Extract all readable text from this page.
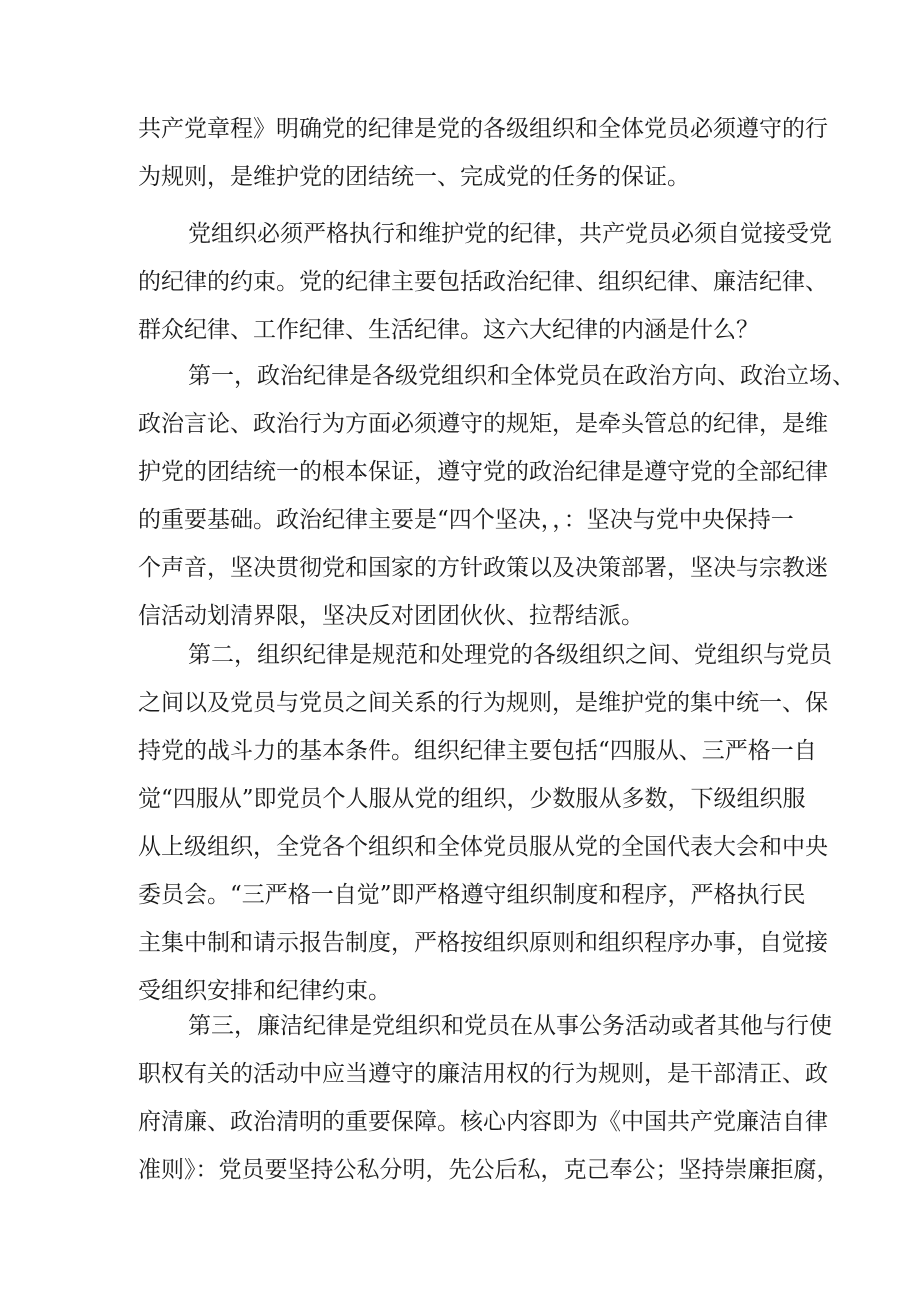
共产党章程》明确党的纪律是党的各级组织和全体党员必须遵守的行
为规则，是维护党的团结统一、完成党的任务的保证。
党组织必须严格执行和维护党的纪律，共产党员必须自觉接受党
的纪律的约束。党的纪律主要包括政治纪律、组织纪律、廉洁纪律、
群众纪律、工作纪律、生活纪律。这六大纪律的内涵是什么？
第一，政治纪律是各级党组织和全体党员在政治方向、政治立场、
政治言论、政治行为方面必须遵守的规矩，是牵头管总的纪律，是维
护党的团结统一的根本保证，遵守党的政治纪律是遵守党的全部纪律
的重要基础。政治纪律主要是“四个坚决，，：坚决与党中央保持一
个声音，坚决贯彻党和国家的方针政策以及决策部署，坚决与宗教迷
信活动划清界限，坚决反对团团伙伙、拉帮结派。
第二，组织纪律是规范和处理党的各级组织之间、党组织与党员
之间以及党员与党员之间关系的行为规则，是维护党的集中统一、保
持党的战斗力的基本条件。组织纪律主要包括“四服从、三严格一自
觉“四服从”即党员个人服从党的组织，少数服从多数，下级组织服
从上级组织，全党各个组织和全体党员服从党的全国代表大会和中央
委员会。“三严格一自觉”即严格遵守组织制度和程序，严格执行民
主集中制和请示报告制度，严格按组织原则和组织程序办事，自觉接
受组织安排和纪律约束。
第三，廉洁纪律是党组织和党员在从事公务活动或者其他与行使
职权有关的活动中应当遵守的廉洁用权的行为规则，是干部清正、政
府清廉、政治清明的重要保障。核心内容即为《中国共产党廉洁自律
准则》：党员要坚持公私分明，先公后私，克己奉公；坚持崇廉拒腐，
